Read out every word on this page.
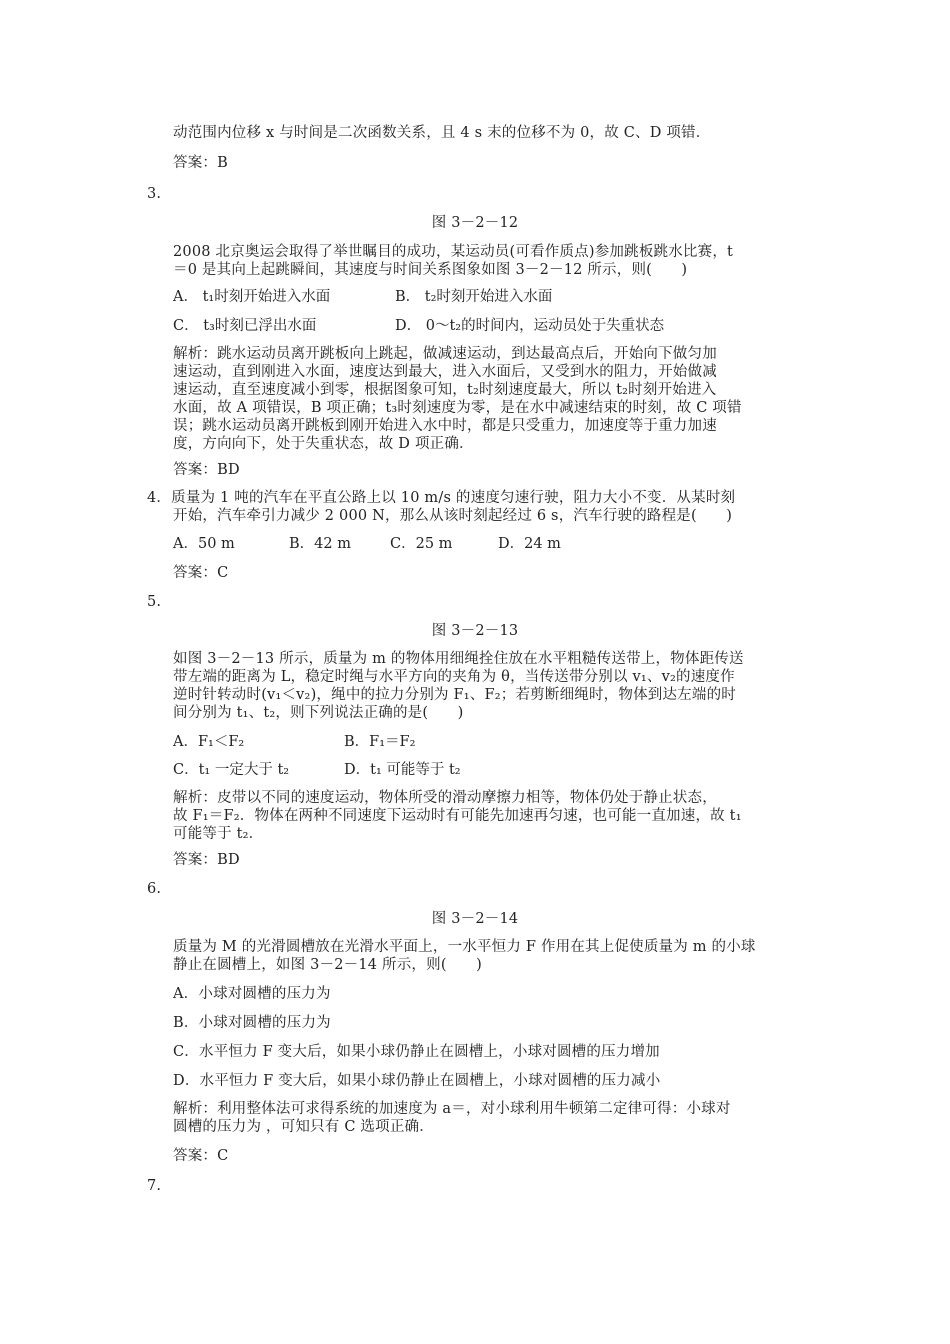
动范围内位移 x 与时间是二次函数关系，且 4 s 末的位移不为 0，故 C、D 项错．
答案：B
3.
图 3－2－12
2008 北京奥运会取得了举世瞩目的成功，某运动员(可看作质点)参加跳板跳水比赛，t
＝0 是其向上起跳瞬间，其速度与时间关系图象如图 3－2－12 所示，则(　　)
A． t₁时刻开始进入水面	B． t₂时刻开始进入水面
C． t₃时刻已浮出水面	D． 0～t₂的时间内，运动员处于失重状态
解析：跳水运动员离开跳板向上跳起，做减速运动，到达最高点后，开始向下做匀加
速运动，直到刚进入水面，速度达到最大，进入水面后，又受到水的阻力，开始做减
速运动，直至速度减小到零，根据图象可知，t₂时刻速度最大，所以 t₂时刻开始进入
水面，故 A 项错误，B 项正确；t₃时刻速度为零，是在水中减速结束的时刻，故 C 项错
误；跳水运动员离开跳板到刚开始进入水中时，都是只受重力，加速度等于重力加速
度，方向向下，处于失重状态，故 D 项正确．
答案：BD
4．质量为 1 吨的汽车在平直公路上以 10 m/s 的速度匀速行驶，阻力大小不变．从某时刻
开始，汽车牵引力减少 2 000 N，那么从该时刻起经过 6 s，汽车行驶的路程是(　　)
A．50 m	B．42 m	C．25 m	D．24 m
答案：C
5.
图 3－2－13
如图 3－2－13 所示，质量为 m 的物体用细绳拴住放在水平粗糙传送带上，物体距传送
带左端的距离为 L，稳定时绳与水平方向的夹角为 θ，当传送带分别以 v₁、v₂的速度作
逆时针转动时(v₁＜v₂)，绳中的拉力分别为 F₁、F₂；若剪断细绳时，物体到达左端的时
间分别为 t₁、t₂，则下列说法正确的是(　　)
A．F₁＜F₂	B．F₁＝F₂
C．t₁ 一定大于 t₂	D．t₁ 可能等于 t₂
解析：皮带以不同的速度运动，物体所受的滑动摩擦力相等，物体仍处于静止状态，
故 F₁＝F₂．物体在两种不同速度下运动时有可能先加速再匀速，也可能一直加速，故 t₁
可能等于 t₂．
答案：BD
6.
图 3－2－14
质量为 M 的光滑圆槽放在光滑水平面上，一水平恒力 F 作用在其上促使质量为 m 的小球
静止在圆槽上，如图 3－2－14 所示，则(　　)
A．小球对圆槽的压力为
B．小球对圆槽的压力为
C．水平恒力 F 变大后，如果小球仍静止在圆槽上，小球对圆槽的压力增加
D．水平恒力 F 变大后，如果小球仍静止在圆槽上，小球对圆槽的压力减小
解析：利用整体法可求得系统的加速度为 a＝，对小球利用牛顿第二定律可得：小球对
圆槽的压力为 ，可知只有 C 选项正确．
答案：C
7.
